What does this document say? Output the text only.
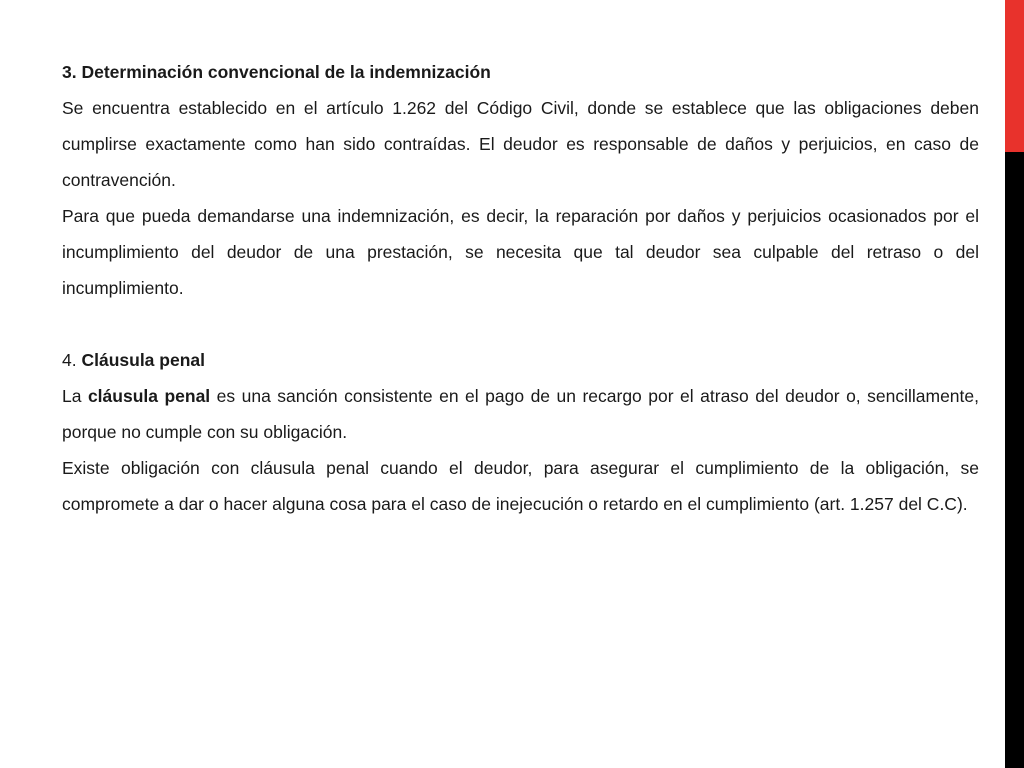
3. Determinación convencional de la indemnización

Se encuentra establecido en el artículo 1.262 del Código Civil, donde se establece que las obligaciones deben cumplirse exactamente como han sido contraídas. El deudor es responsable de daños y perjuicios, en caso de contravención.

Para que pueda demandarse una indemnización, es decir, la reparación por daños y perjuicios ocasionados por el incumplimiento del deudor de una prestación, se necesita que tal deudor sea culpable del retraso o del incumplimiento.

4. Cláusula penal

La cláusula penal es una sanción consistente en el pago de un recargo por el atraso del deudor o, sencillamente, porque no cumple con su obligación.

Existe obligación con cláusula penal cuando el deudor, para asegurar el cumplimiento de la obligación, se compromete a dar o hacer alguna cosa para el caso de inejecución o retardo en el cumplimiento (art. 1.257 del C.C).
